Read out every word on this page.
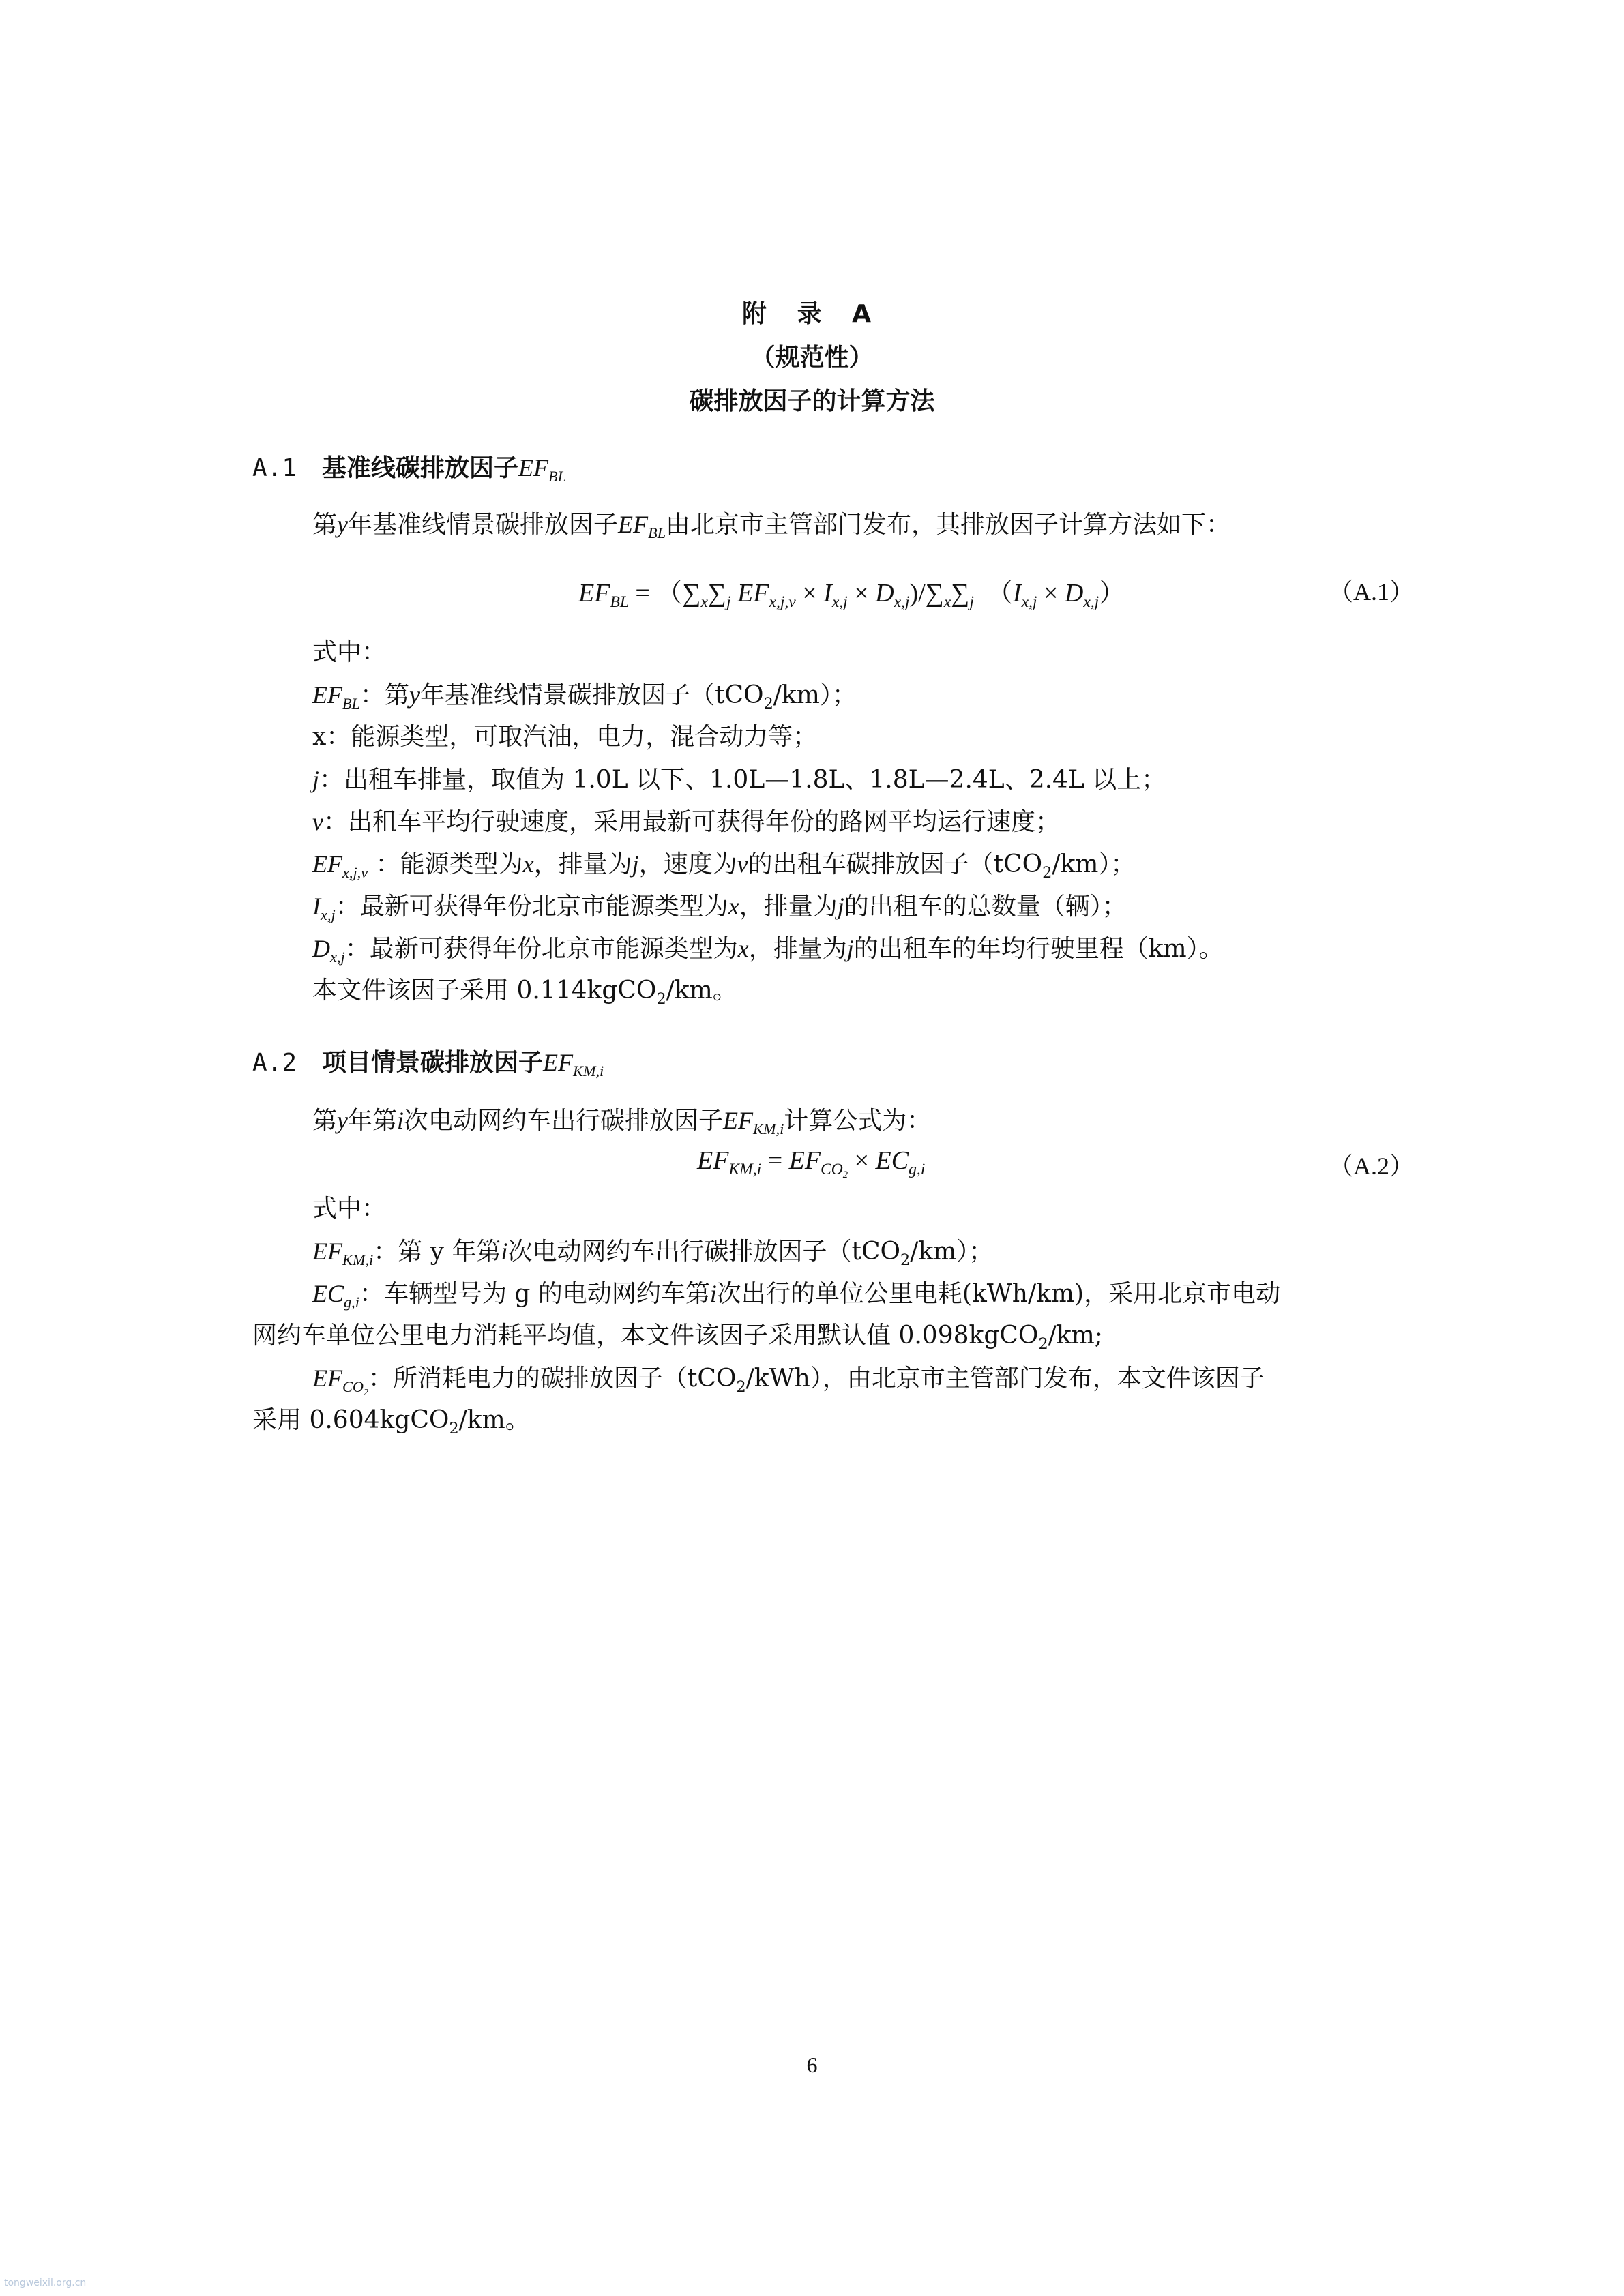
附 录 A
（规范性）
碳排放因子的计算方法
A.1 基准线碳排放因子$EF_{BL}$
第y年基准线情景碳排放因子$EF_{BL}$由北京市主管部门发布，其排放因子计算方法如下：
$EF_{BL} = (\sum_x\sum_j$ $EF_{x,j,v} \times I_{x,j} \times D_{x,j})/\sum_x\sum_j$ $(I_{x,j} \times D_{x,j})$	（A.1）
式中：
$EF_{BL}$：第y年基准线情景碳排放因子（tCO$_2$/km）；
x：能源类型，可取汽油，电力，混合动力等；
j：出租车排量，取值为 1.0L 以下、1.0L—1.8L、1.8L—2.4L、2.4L 以上；
v：出租车平均行驶速度，采用最新可获得年份的路网平均运行速度；
$EF_{x,j,v}$ ：能源类型为x，排量为j，速度为v的出租车碳排放因子（tCO$_2$/km）；
$I_{x,j}$：最新可获得年份北京市能源类型为x，排量为j的出租车的总数量（辆）；
$D_{x,j}$：最新可获得年份北京市能源类型为x，排量为j的出租车的年均行驶里程（km）。
本文件该因子采用 0.114kgCO$_2$/km。
A.2 项目情景碳排放因子$EF_{KM,i}$
第y年第i次电动网约车出行碳排放因子$EF_{KM,i}$计算公式为：
$EF_{KM,i} = EF_{CO_2} \times EC_{g,i}$	（A.2）
式中：
$EF_{KM,i}$：第 y 年第i次电动网约车出行碳排放因子（tCO$_2$/km）；
$EC_{g,i}$：车辆型号为 g 的电动网约车第i次出行的单位公里电耗(kWh/km)，采用北京市电动
网约车单位公里电力消耗平均值，本文件该因子采用默认值 0.098kgCO$_2$/km;
$EF_{CO_2}$：所消耗电力的碳排放因子（tCO$_2$/kWh），由北京市主管部门发布，本文件该因子
采用 0.604kgCO$_2$/km。
6
tongweixil.org.cn
